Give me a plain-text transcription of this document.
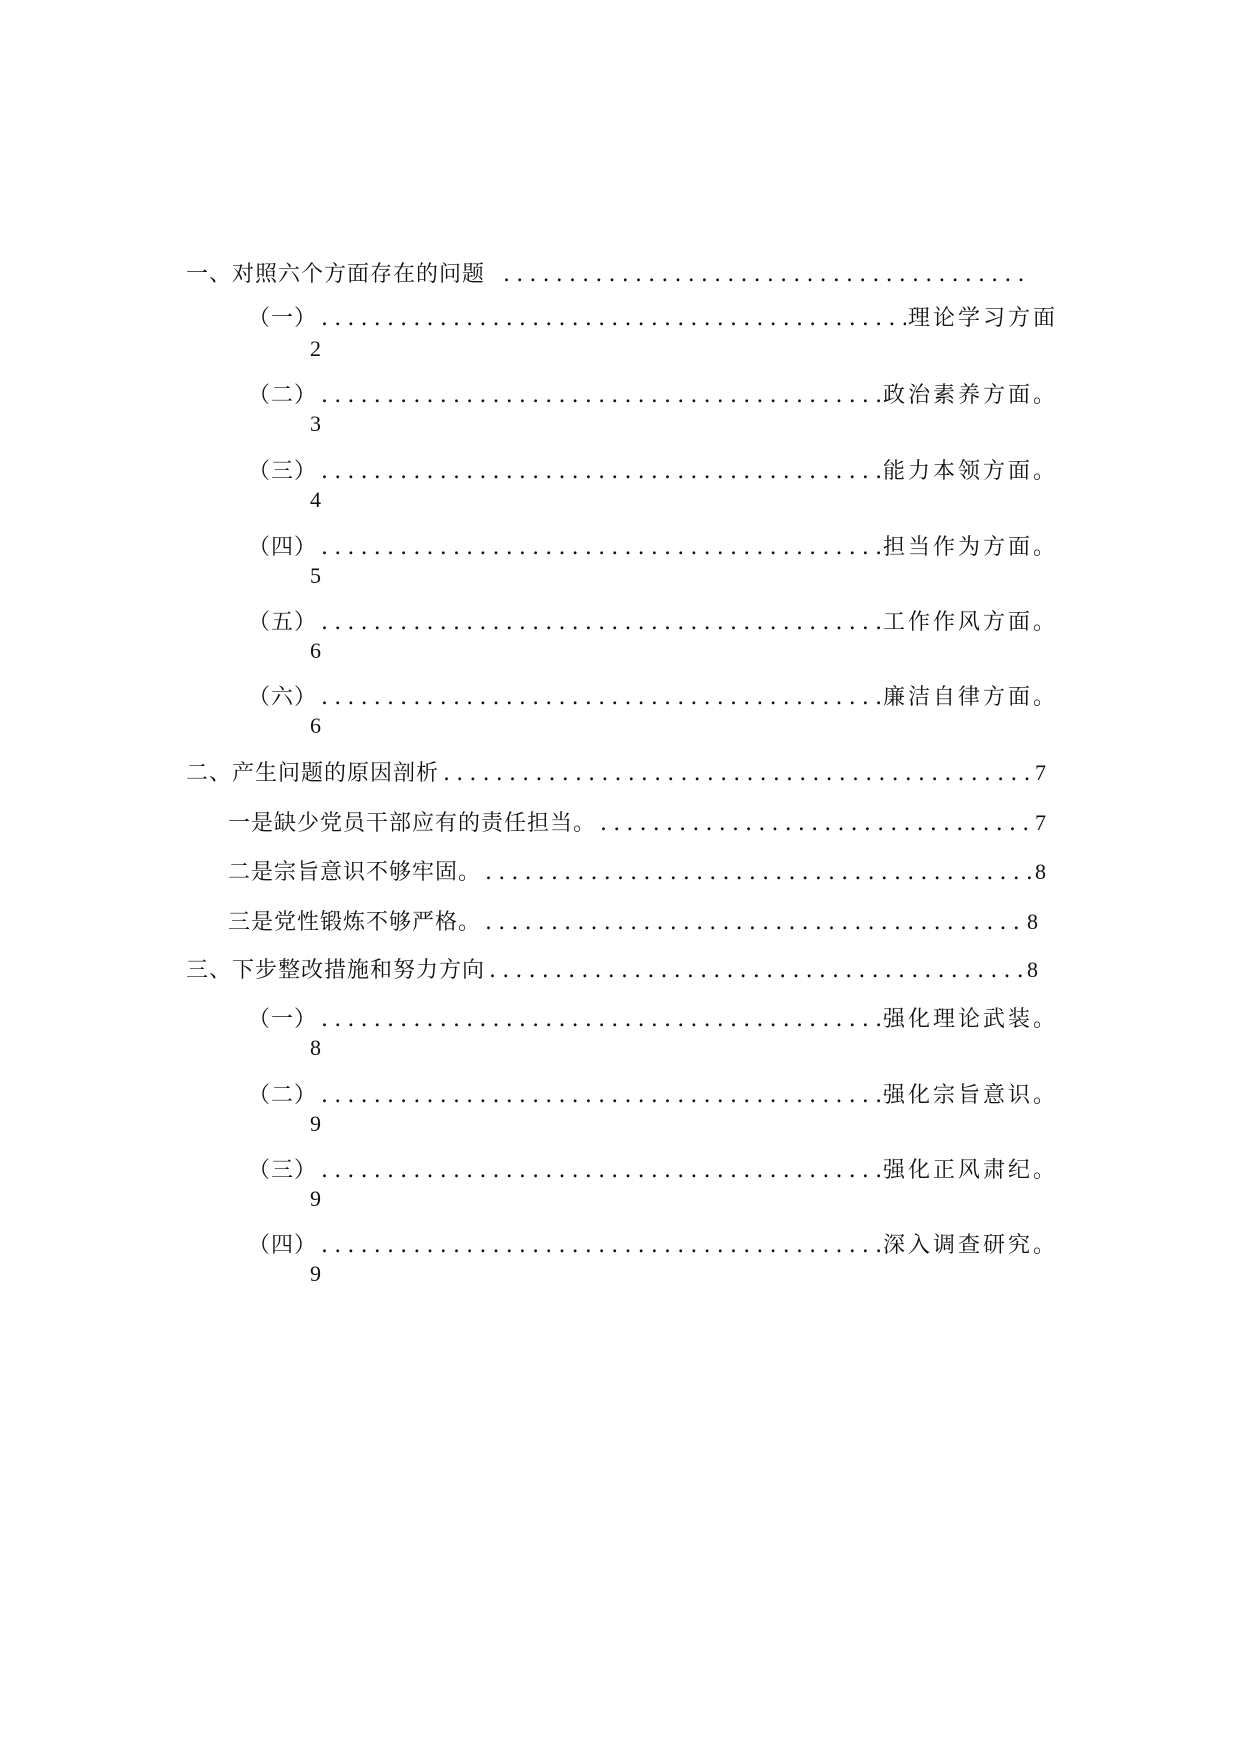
一、对照六个方面存在的问题
.....
（一） .....	理论学习方面
2
（二） .....	政治素养方面。
3
（三） .....	能力本领方面。
4
（四） .....	担当作为方面。
5
（五） .....	工作作风方面。
6
（六） .....	廉洁自律方面。
6
二、产生问题的原因剖析 .....	7
一是缺少党员干部应有的责任担当。 .....	7
二是宗旨意识不够牢固。 .....	8
三是党性锻炼不够严格。 .....	8
三、下步整改措施和努力方向 .....	8
（一） .....	强化理论武装。
8
（二） .....	强化宗旨意识。
9
（三） .....	强化正风肃纪。
9
（四） .....	深入调查研究。
9
